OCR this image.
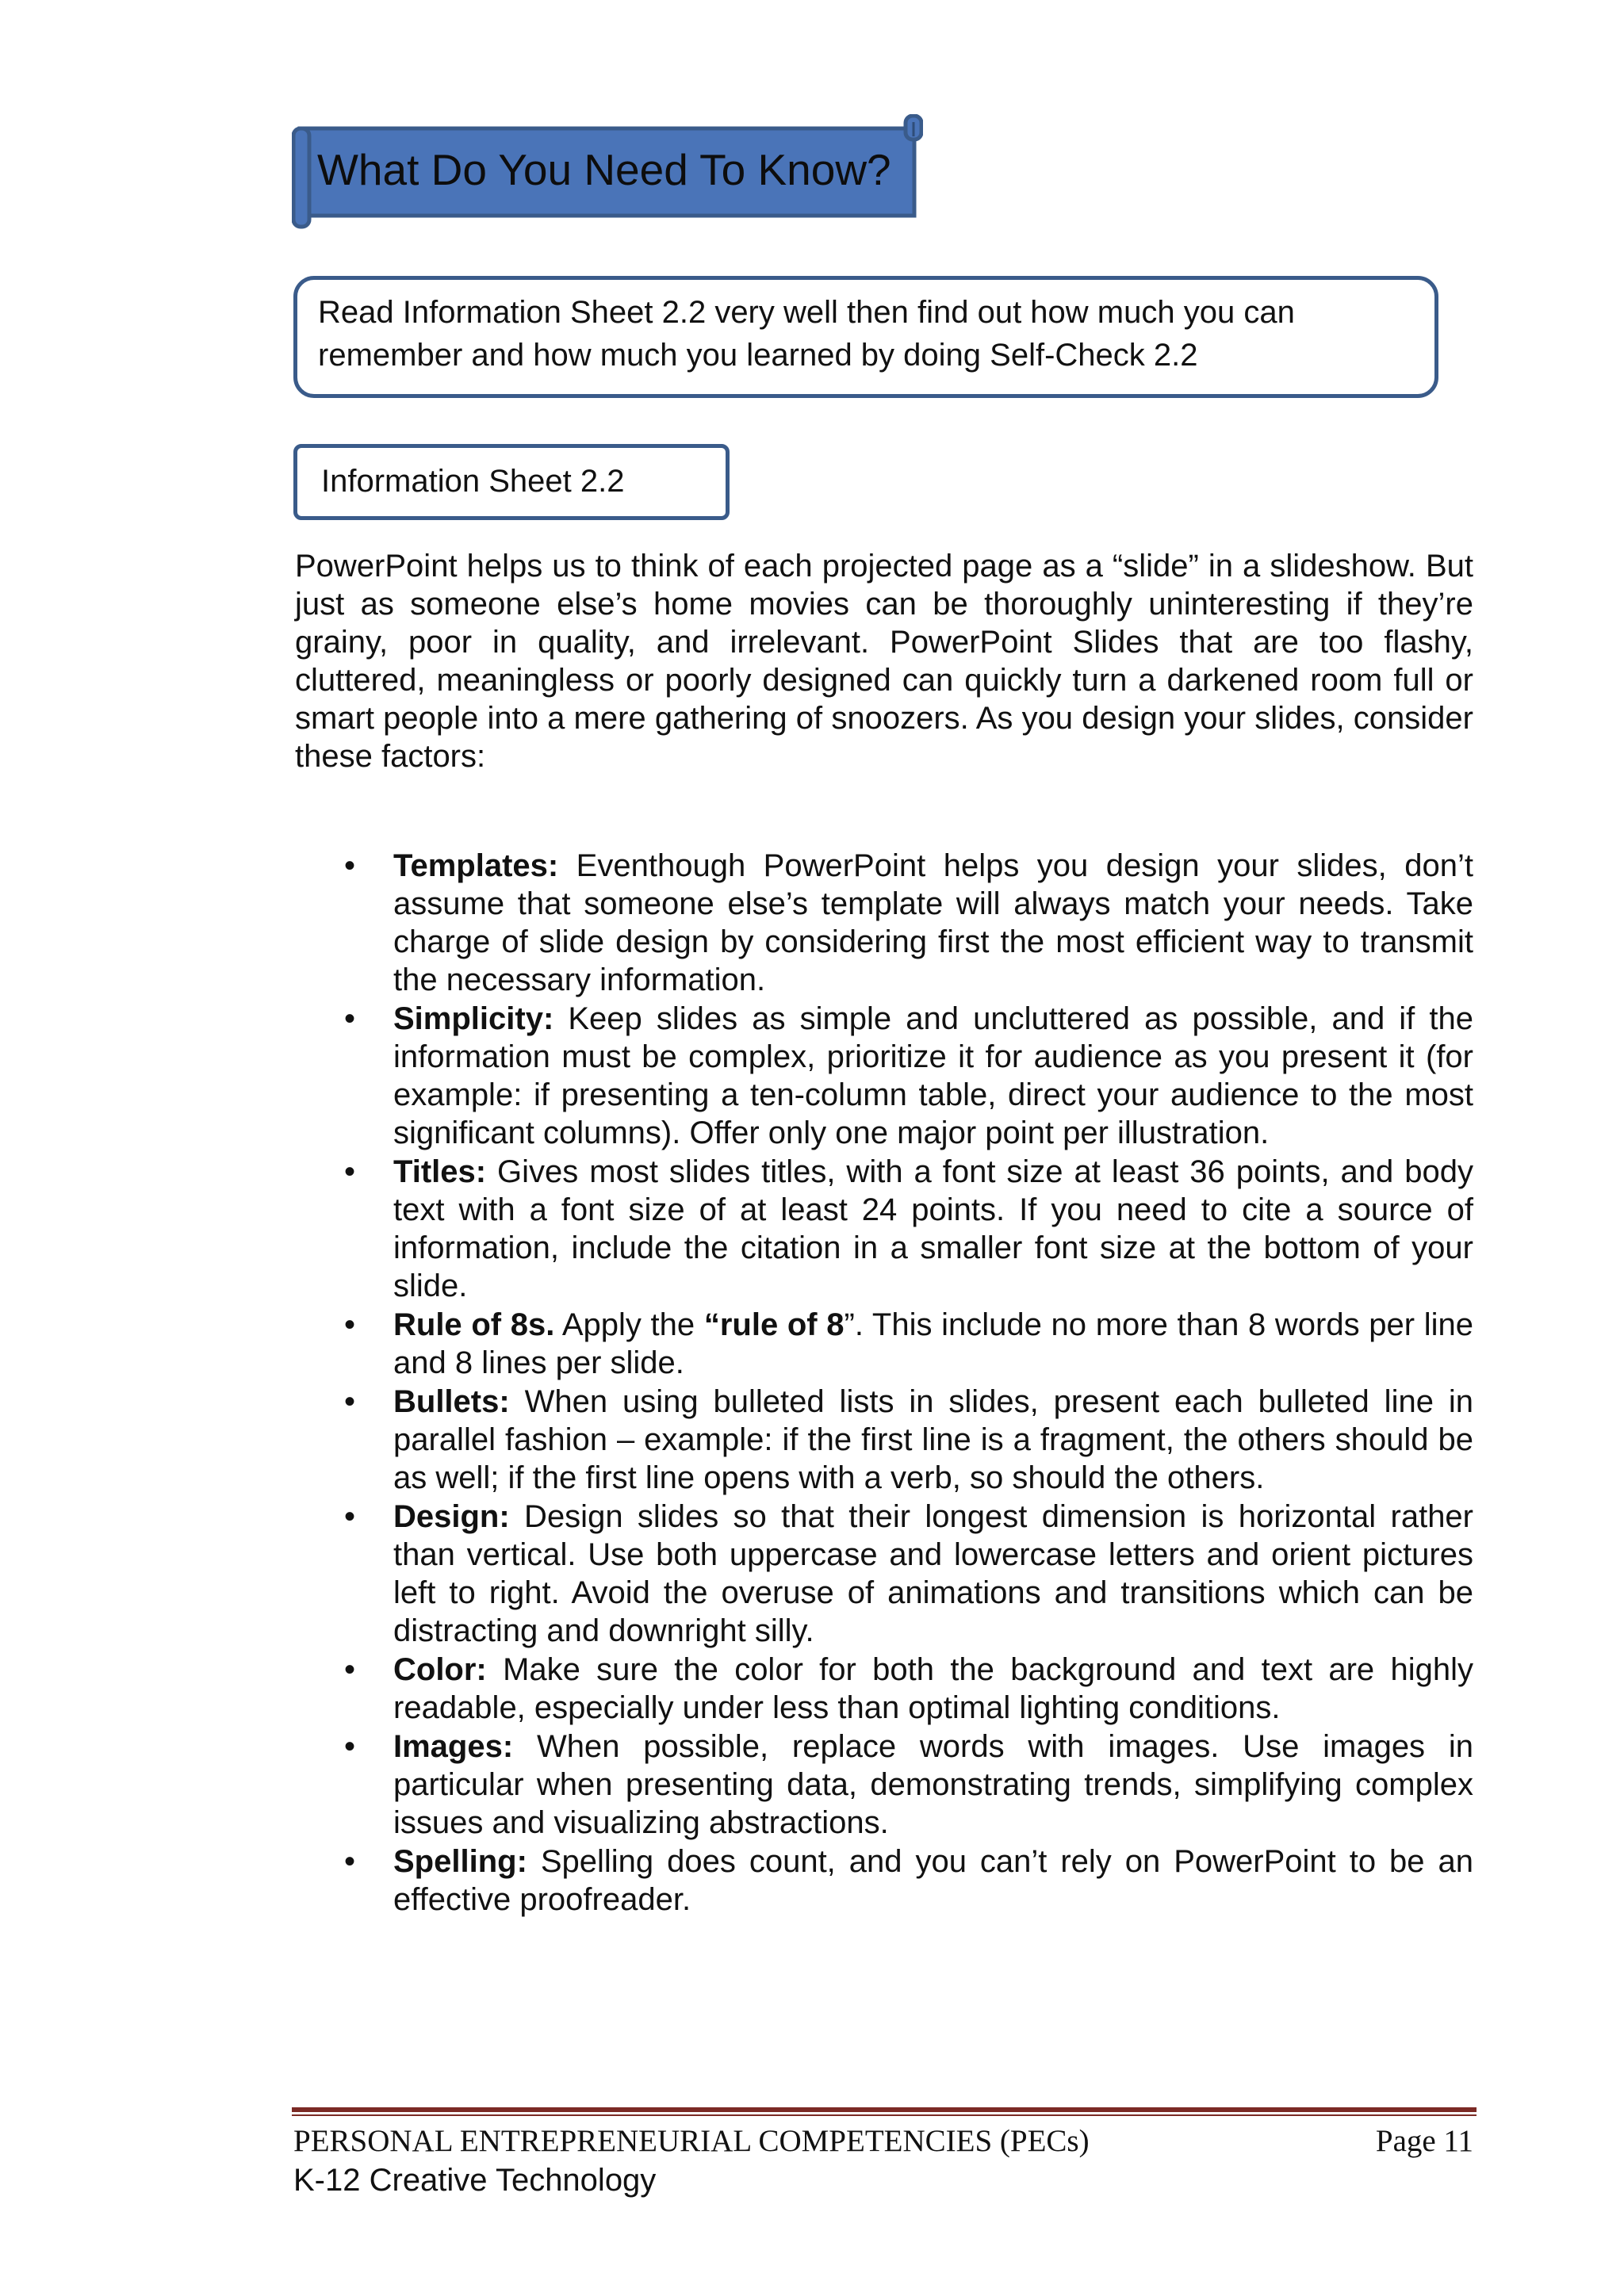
What Do You Need To Know?
Read Information Sheet 2.2 very well then find out how much you can
remember and how much you learned by doing Self-Check 2.2
Information Sheet 2.2

PowerPoint helps us to think of each projected page as a “slide” in a slideshow. But just as someone else’s home movies can be thoroughly uninteresting if they’re grainy, poor in quality, and irrelevant. PowerPoint Slides that are too flashy, cluttered, meaningless or poorly designed can quickly turn a darkened room full or smart people into a mere gathering of snoozers. As you design your slides, consider these factors:

• Templates: Eventhough PowerPoint helps you design your slides, don’t assume that someone else’s template will always match your needs. Take charge of slide design by considering first the most efficient way to transmit the necessary information.
• Simplicity: Keep slides as simple and uncluttered as possible, and if the information must be complex, prioritize it for audience as you present it (for example: if presenting a ten-column table, direct your audience to the most significant columns). Offer only one major point per illustration.
• Titles: Gives most slides titles, with a font size at least 36 points, and body text with a font size of at least 24 points. If you need to cite a source of information, include the citation in a smaller font size at the bottom of your slide.
• Rule of 8s. Apply the “rule of 8”. This include no more than 8 words per line and 8 lines per slide.
• Bullets: When using bulleted lists in slides, present each bulleted line in parallel fashion – example: if the first line is a fragment, the others should be as well; if the first line opens with a verb, so should the others.
• Design: Design slides so that their longest dimension is horizontal rather than vertical. Use both uppercase and lowercase letters and orient pictures left to right. Avoid the overuse of animations and transitions which can be distracting and downright silly.
• Color: Make sure the color for both the background and text are highly readable, especially under less than optimal lighting conditions.
• Images: When possible, replace words with images. Use images in particular when presenting data, demonstrating trends, simplifying complex issues and visualizing abstractions.
• Spelling: Spelling does count, and you can’t rely on PowerPoint to be an effective proofreader.
PERSONAL ENTREPRENEURIAL COMPETENCIES (PECs)	Page 11
K-12 Creative Technology
